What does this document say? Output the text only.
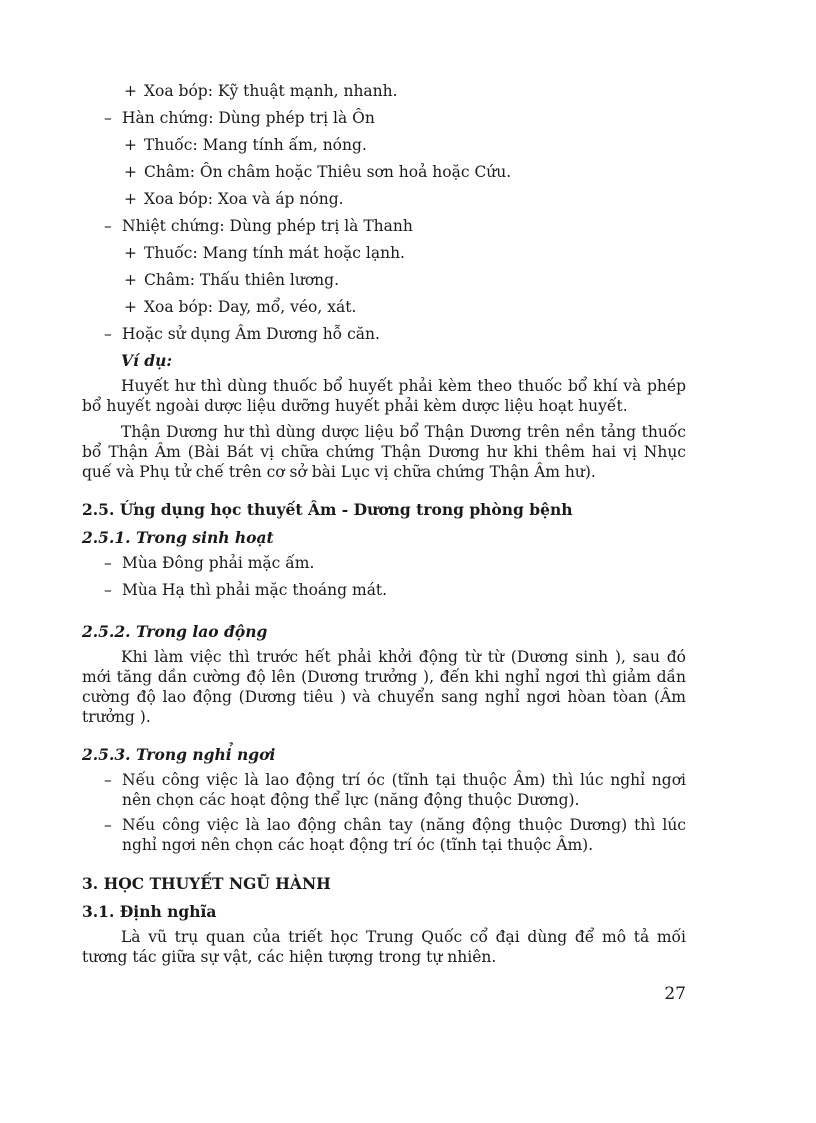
+ Xoa bóp: Kỹ thuật mạnh, nhanh.
– Hàn chứng: Dùng phép trị là Ôn
+ Thuốc: Mang tính ấm, nóng.
+ Châm: Ôn châm hoặc Thiêu sơn hoả hoặc Cứu.
+ Xoa bóp: Xoa và áp nóng.
– Nhiệt chứng: Dùng phép trị là Thanh
+ Thuốc: Mang tính mát hoặc lạnh.
+ Châm: Thấu thiên lương.
+ Xoa bóp: Day, mổ, véo, xát.
– Hoặc sử dụng Âm Dương hỗ căn.
Ví dụ:

Huyết hư thì dùng thuốc bổ huyết phải kèm theo thuốc bổ khí và phép bổ huyết ngoài dược liệu dưỡng huyết phải kèm dược liệu hoạt huyết.

Thận Dương hư thì dùng dược liệu bổ Thận Dương trên nền tảng thuốc bổ Thận Âm (Bài Bát vị chữa chứng Thận Dương hư khi thêm hai vị Nhục quế và Phụ tử chế trên cơ sở bài Lục vị chữa chứng Thận Âm hư).

2.5. Ứng dụng học thuyết Âm - Dương trong phòng bệnh
2.5.1. Trong sinh hoạt
– Mùa Đông phải mặc ấm.
– Mùa Hạ thì phải mặc thoáng mát.
2.5.2. Trong lao động

Khi làm việc thì trước hết phải khởi động từ từ (Dương sinh ), sau đó mới tăng dần cường độ lên (Dương trưởng ), đến khi nghỉ ngơi thì giảm dần cường độ lao động (Dương tiêu ) và chuyển sang nghỉ ngơi hòan tòan (Âm trưởng ).

2.5.3. Trong nghỉ ngơi
– Nếu công việc là lao động trí óc (tĩnh tại thuộc Âm) thì lúc nghỉ ngơi nên chọn các hoạt động thể lực (năng động thuộc Dương).
– Nếu công việc là lao động chân tay (năng động thuộc Dương) thì lúc nghỉ ngơi nên chọn các hoạt động trí óc (tĩnh tại thuộc Âm).
3. HỌC THUYẾT NGŨ HÀNH
3.1. Định nghĩa

Là vũ trụ quan của triết học Trung Quốc cổ đại dùng để mô tả mối tương tác giữa sự vật, các hiện tượng trong tự nhiên.

27
